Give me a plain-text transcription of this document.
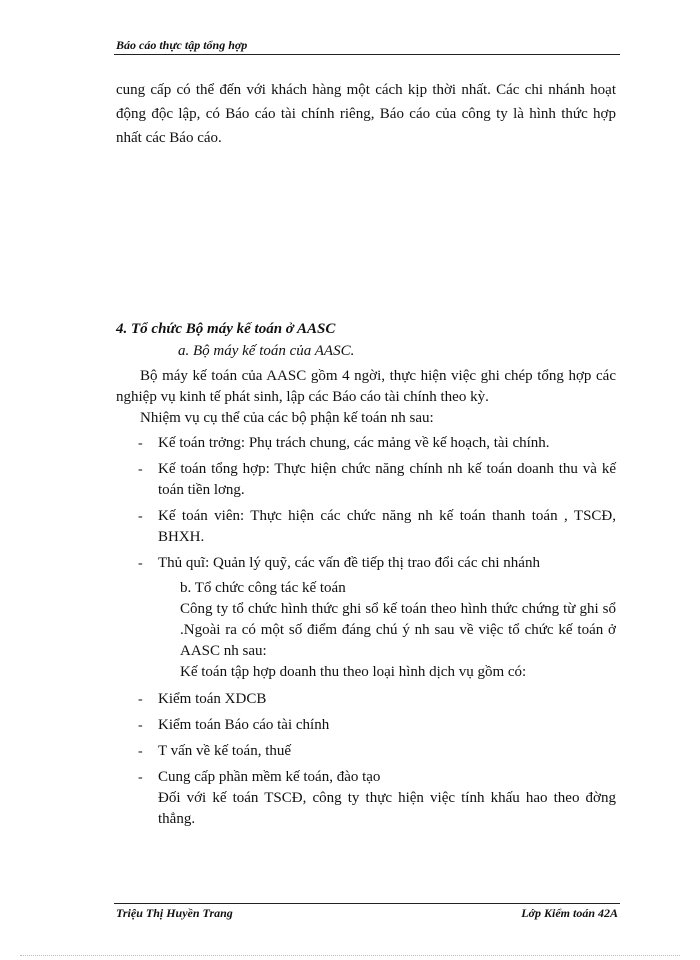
Báo cáo thực tập tổng hợp
cung cấp có thể đến với khách hàng một cách kịp thời nhất. Các chi nhánh hoạt động độc lập, có Báo cáo tài chính riêng, Báo cáo của công ty là hình thức hợp nhất các Báo cáo.
4. Tổ chức Bộ máy kế toán ở AASC
a. Bộ máy kế toán của AASC.
Bộ máy kế toán của AASC gồm 4 ngời, thực hiện việc ghi chép tổng hợp các nghiệp vụ kinh tế phát sinh, lập các Báo cáo tài chính theo kỳ.
Nhiệm vụ cụ thể của các bộ phận kế toán nh sau:
- Kế toán trởng: Phụ trách chung, các mảng về kế hoạch, tài chính.
- Kế toán tổng hợp: Thực hiện chức năng chính nh kế toán doanh thu và kế toán tiền lơng.
- Kế toán viên: Thực hiện các chức năng nh kế toán thanh toán , TSCĐ, BHXH.
- Thủ quĩ: Quản lý quỹ, các vấn đề tiếp thị trao đổi các chi nhánh
b. Tổ chức công tác kế toán
Công ty tổ chức hình thức ghi sổ kế toán theo hình thức chứng từ ghi sổ .Ngoài ra có một số điểm đáng chú ý nh sau về việc tổ chức kế toán ở AASC nh sau:
Kế toán tập hợp doanh thu theo loại hình dịch vụ gồm có:
- Kiểm toán XDCB
- Kiểm toán Báo cáo tài chính
- T vấn về kế toán, thuế
- Cung cấp phần mềm kế toán, đào tạo
Đối với kế toán TSCĐ, công ty thực hiện việc tính khấu hao theo đờng thẳng.
Triệu Thị Huyền Trang	Lớp Kiểm toán 42A
